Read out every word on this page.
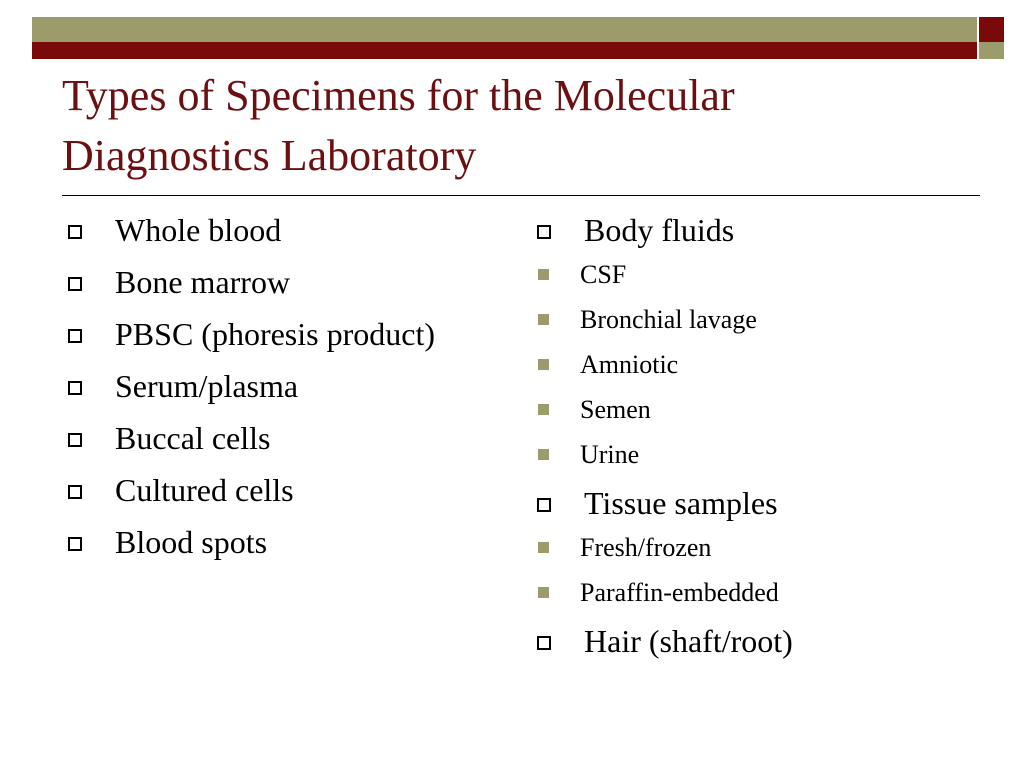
Types of Specimens for the Molecular
Diagnostics Laboratory
Whole blood
Bone marrow
PBSC (phoresis product)
Serum/plasma
Buccal cells
Cultured cells
Blood spots
Body fluids
CSF
Bronchial lavage
Amniotic
Semen
Urine
Tissue samples
Fresh/frozen
Paraffin-embedded
Hair (shaft/root)
